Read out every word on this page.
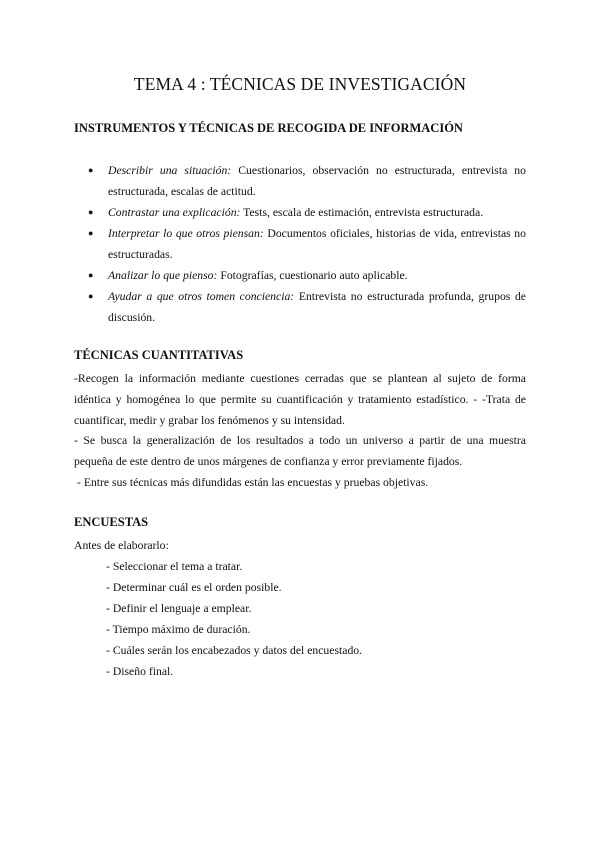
TEMA 4 : TÉCNICAS DE INVESTIGACIÓN
INSTRUMENTOS Y TÉCNICAS DE RECOGIDA DE INFORMACIÓN
● Describir una situación: Cuestionarios, observación no estructurada, entrevista no estructurada, escalas de actitud.
● Contrastar una explicación: Tests, escala de estimación, entrevista estructurada.
● Interpretar lo que otros piensan: Documentos oficiales, historias de vida, entrevistas no estructuradas.
● Analizar lo que pienso: Fotografías, cuestionario auto aplicable.
● Ayudar a que otros tomen conciencia: Entrevista no estructurada profunda, grupos de discusión.
TÉCNICAS CUANTITATIVAS

-Recogen la información mediante cuestiones cerradas que se plantean al sujeto de forma idéntica y homogénea lo que permite su cuantificación y tratamiento estadístico. - -Trata de cuantificar, medir y grabar los fenómenos y su intensidad.

- Se busca la generalización de los resultados a todo un universo a partir de una muestra pequeña de este dentro de unos márgenes de confianza y error previamente fijados.

- Entre sus técnicas más difundidas están las encuestas y pruebas objetivas.

ENCUESTAS
Antes de elaborarlo:
- Seleccionar el tema a tratar.
- Determinar cuál es el orden posible.
- Definir el lenguaje a emplear.
- Tiempo máximo de duración.
- Cuáles serán los encabezados y datos del encuestado.
- Diseño final.
